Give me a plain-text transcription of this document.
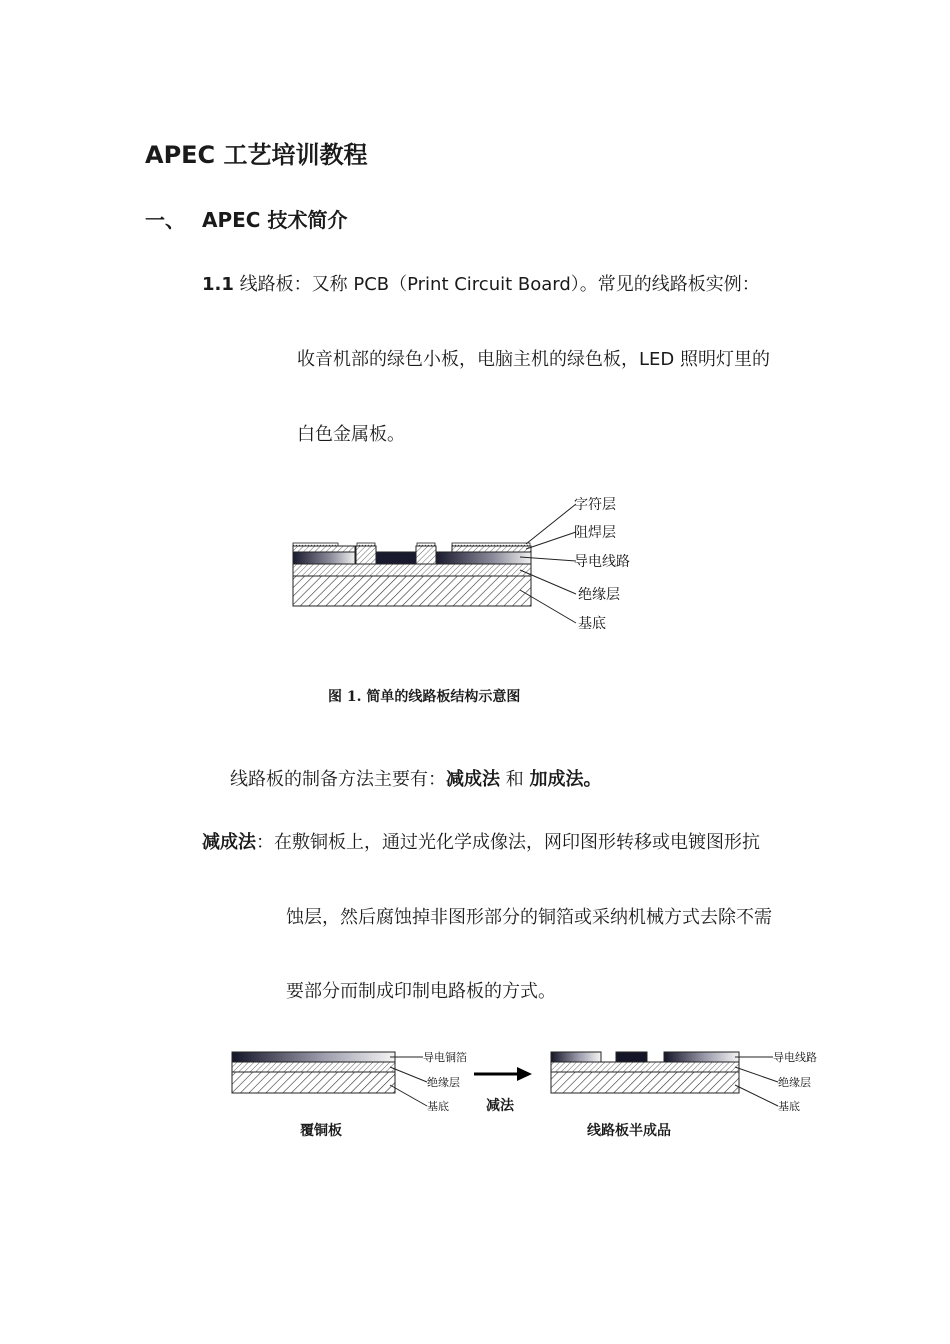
APEC 工艺培训教程
一、 APEC 技术简介
1.1 线路板：又称 PCB（Print Circuit Board）。常见的线路板实例：
收音机部的绿色小板，电脑主机的绿色板，LED 照明灯里的
白色金属板。
字符层
阻焊层
导电线路
绝缘层
基底
图 1. 简单的线路板结构示意图
线路板的制备方法主要有：减成法 和 加成法。
减成法：在敷铜板上，通过光化学成像法，网印图形转移或电镀图形抗
蚀层，然后腐蚀掉非图形部分的铜箔或采纳机械方式去除不需
要部分而制成印制电路板的方式。
导电铜箔
绝缘层
基底
导电线路
绝缘层
基底
减法
覆铜板	线路板半成品
